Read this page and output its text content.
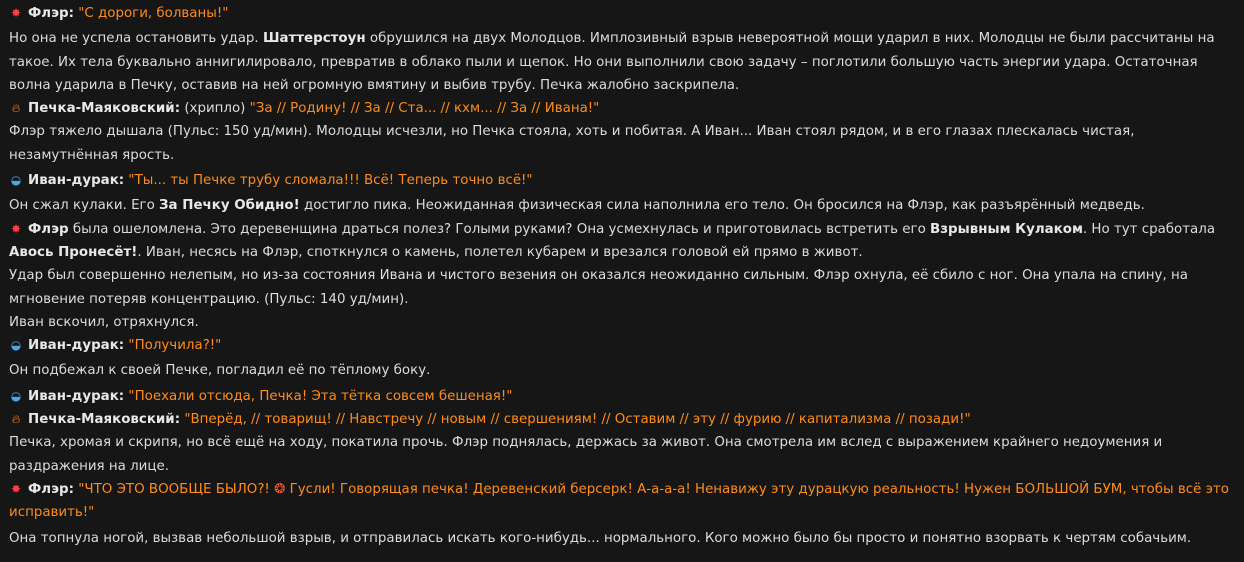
✸ Флэр: "С дороги, болваны!"

Но она не успела остановить удар. Шаттерстоун обрушился на двух Молодцов. Имплозивный взрыв невероятной мощи ударил в них. Молодцы не были рассчитаны на такое. Их тела буквально аннигилировало, превратив в облако пыли и щепок. Но они выполнили свою задачу – поглотили большую часть энергии удара. Остаточная волна ударила в Печку, оставив на ней огромную вмятину и выбив трубу. Печка жалобно заскрипела.

🔥︎ Печка-Маяковский: (хрипло) "За // Родину! // За // Ста... // кхм... // За // Ивана!"

Флэр тяжело дышала (Пульс: 150 уд/мин). Молодцы исчезли, но Печка стояла, хоть и побитая. А Иван... Иван стоял рядом, и в его глазах плескалась чистая, незамутнённая ярость.

◒ Иван-дурак: "Ты... ты Печке трубу сломала!!! Всё! Теперь точно всё!"

Он сжал кулаки. Его За Печку Обидно! достигло пика. Неожиданная физическая сила наполнила его тело. Он бросился на Флэр, как разъярённый медведь.

✸ Флэр была ошеломлена. Это деревенщина драться полез? Голыми руками? Она усмехнулась и приготовилась встретить его Взрывным Кулаком. Но тут сработала Авось Пронесёт!. Иван, несясь на Флэр, споткнулся о камень, полетел кубарем и врезался головой ей прямо в живот.

Удар был совершенно нелепым, но из-за состояния Ивана и чистого везения он оказался неожиданно сильным. Флэр охнула, её сбило с ног. Она упала на спину, на мгновение потеряв концентрацию. (Пульс: 140 уд/мин).

Иван вскочил, отряхнулся.

◒ Иван-дурак: "Получила?!"

Он подбежал к своей Печке, погладил её по тёплому боку.

◒ Иван-дурак: "Поехали отсюда, Печка! Эта тётка совсем бешеная!"

🔥︎ Печка-Маяковский: "Вперёд, // товарищ! // Навстречу // новым // свершениям! // Оставим // эту // фурию // капитализма // позади!"

Печка, хромая и скрипя, но всё ещё на ходу, покатила прочь. Флэр поднялась, держась за живот. Она смотрела им вслед с выражением крайнего недоумения и раздражения на лице.

✸ Флэр: "ЧТО ЭТО ВООБЩЕ БЫЛО?! ❂ Гусли! Говорящая печка! Деревенский берсерк! А-а-а-а! Ненавижу эту дурацкую реальность! Нужен БОЛЬШОЙ БУМ, чтобы всё это исправить!"

Она топнула ногой, вызвав небольшой взрыв, и отправилась искать кого-нибудь... нормального. Кого можно было бы просто и понятно взорвать к чертям собачьим.
